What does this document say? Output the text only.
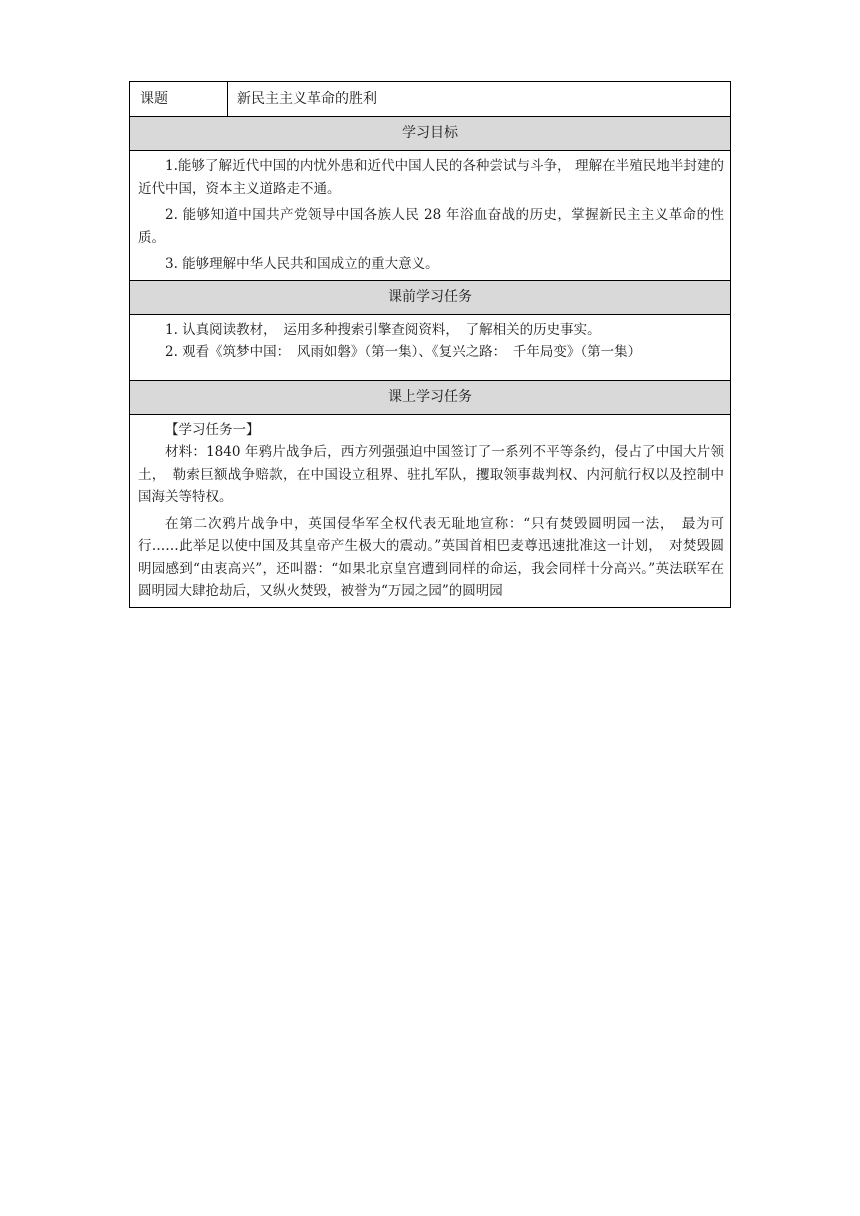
课题	新民主主义革命的胜利
学习目标

1.能够了解近代中国的内忧外患和近代中国人民的各种尝试与斗争， 理解在半殖民地半封建的近代中国，资本主义道路走不通。

2. 能够知道中国共产党领导中国各族人民 28 年浴血奋战的历史，掌握新民主主义革命的性质。

3. 能够理解中华人民共和国成立的重大意义。

课前学习任务

1. 认真阅读教材，　运用多种搜索引擎查阅资料，　了解相关的历史事实。

2. 观看《筑梦中国：　风雨如磐》（第一集）、《复兴之路：　千年局变》（第一集）

课上学习任务

【学习任务一】

材料：1840 年鸦片战争后，西方列强强迫中国签订了一系列不平等条约，侵占了中国大片领土，　勒索巨额战争赔款，在中国设立租界、驻扎军队，攫取领事裁判权、内河航行权以及控制中国海关等特权。

在第二次鸦片战争中，英国侵华军全权代表无耻地宣称：“只有焚毁圆明园一法，　最为可行……此举足以使中国及其皇帝产生极大的震动。”英国首相巴麦尊迅速批准这一计划，　对焚毁圆明园感到“由衷高兴”，还叫嚣：“如果北京皇宫遭到同样的命运，我会同样十分高兴。”英法联军在圆明园大肆抢劫后，又纵火焚毁，被誉为“万园之园”的圆明园
